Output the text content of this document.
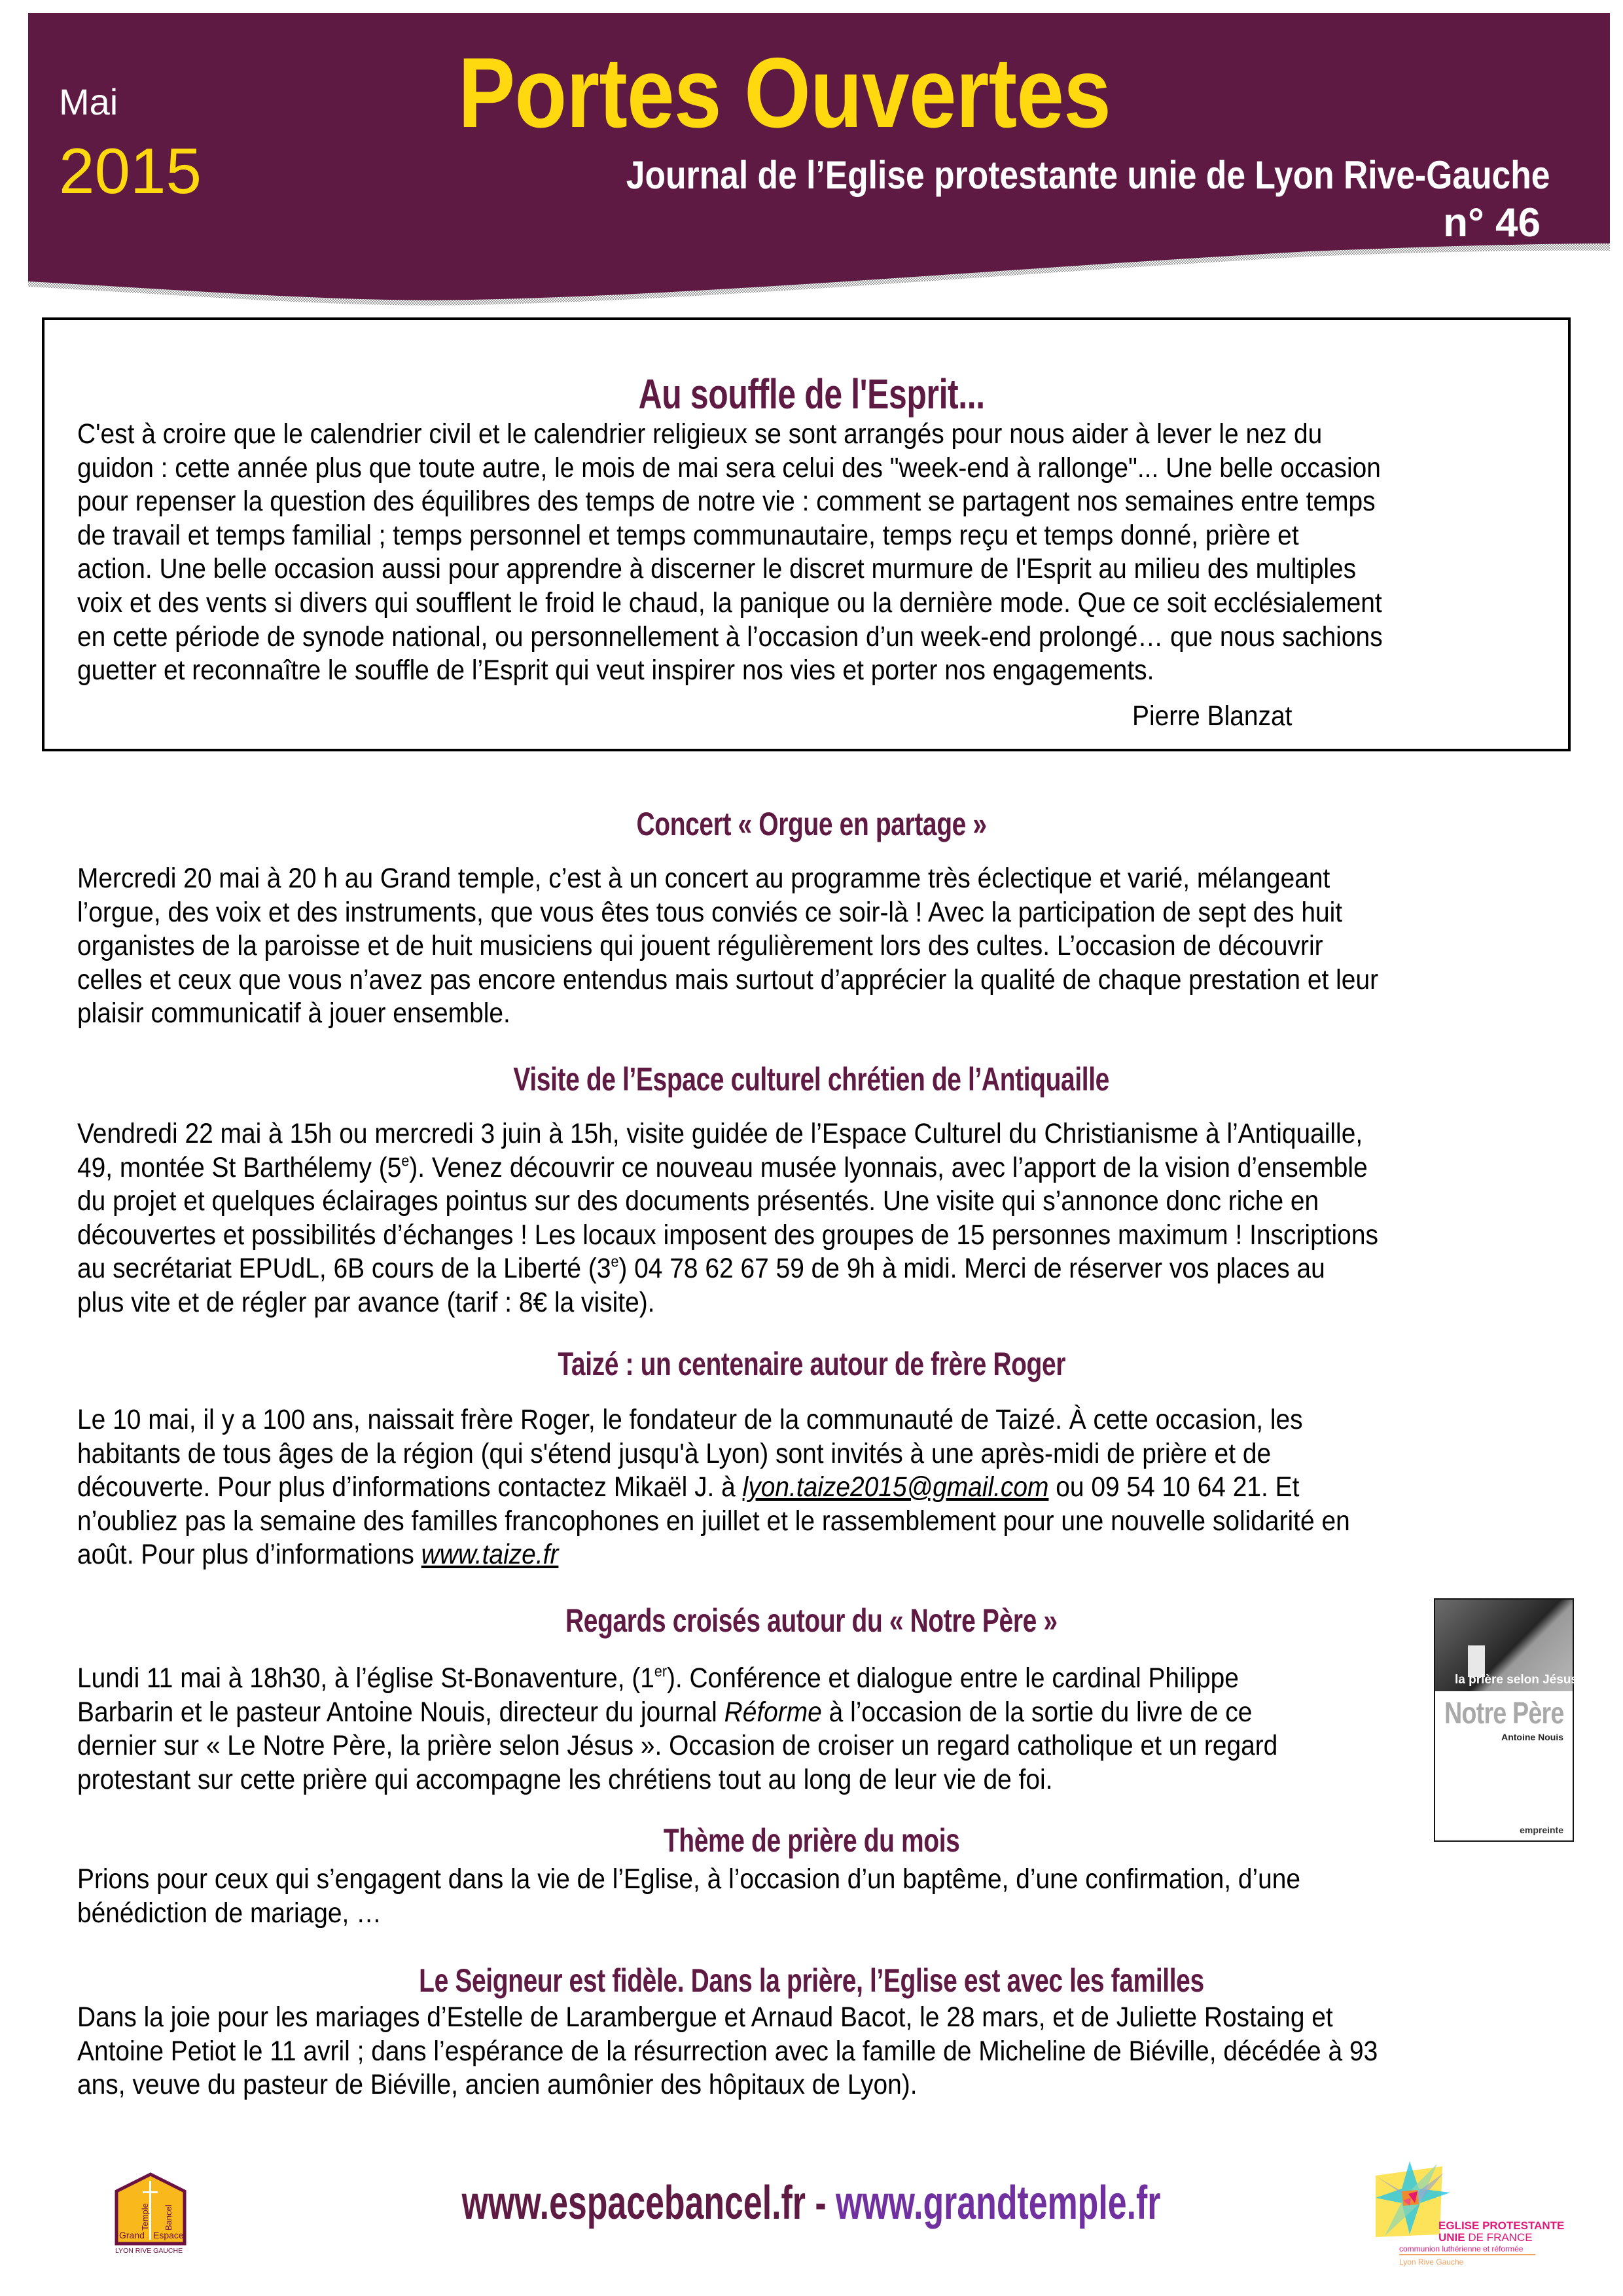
Mai
2015
Portes Ouvertes
Journal de l’Eglise protestante unie de Lyon Rive-Gauche
n° 46
Au souffle de l'Esprit...
C'est à croire que le calendrier civil et le calendrier religieux se sont arrangés pour nous aider à lever le nez du
guidon : cette année plus que toute autre, le mois de mai sera celui des "week-end à rallonge"... Une belle occasion
pour repenser la question des équilibres des temps de notre vie : comment se partagent nos semaines entre temps
de travail et temps familial ; temps personnel et temps communautaire, temps reçu et temps donné, prière et
action. Une belle occasion aussi pour apprendre à discerner le discret murmure de l'Esprit au milieu des multiples
voix et des vents si divers qui soufflent le froid le chaud, la panique ou la dernière mode. Que ce soit ecclésialement
en cette période de synode national, ou personnellement à l’occasion d’un week-end prolongé… que nous sachions
guetter et reconnaître le souffle de l’Esprit qui veut inspirer nos vies et porter nos engagements.
Pierre Blanzat
Concert « Orgue en partage »
Mercredi 20 mai à 20 h au Grand temple, c’est à un concert au programme très éclectique et varié, mélangeant
l’orgue, des voix et des instruments, que vous êtes tous conviés ce soir-là ! Avec la participation de sept des huit
organistes de la paroisse et de huit musiciens qui jouent régulièrement lors des cultes. L’occasion de découvrir
celles et ceux que vous n’avez pas encore entendus mais surtout d’apprécier la qualité de chaque prestation et leur
plaisir communicatif à jouer ensemble.
Visite de l’Espace culturel chrétien de l’Antiquaille
Vendredi 22 mai à 15h ou mercredi 3 juin à 15h, visite guidée de l’Espace Culturel du Christianisme à l’Antiquaille,
49, montée St Barthélemy (5e). Venez découvrir ce nouveau musée lyonnais, avec l’apport de la vision d’ensemble
du projet et quelques éclairages pointus sur des documents présentés. Une visite qui s’annonce donc riche en
découvertes et possibilités d’échanges ! Les locaux imposent des groupes de 15 personnes maximum ! Inscriptions
au secrétariat EPUdL, 6B cours de la Liberté (3e) 04 78 62 67 59 de 9h à midi. Merci de réserver vos places au
plus vite et de régler par avance (tarif : 8€ la visite).
Taizé : un centenaire autour de frère Roger
Le 10 mai, il y a 100 ans, naissait frère Roger, le fondateur de la communauté de Taizé. À cette occasion, les
habitants de tous âges de la région (qui s'étend jusqu'à Lyon) sont invités à une après-midi de prière et de
découverte. Pour plus d’informations contactez Mikaël J. à lyon.taize2015@gmail.com ou 09 54 10 64 21. Et
n’oubliez pas la semaine des familles francophones en juillet et le rassemblement pour une nouvelle solidarité en
août. Pour plus d’informations www.taize.fr
Regards croisés autour du « Notre Père »
Lundi 11 mai à 18h30, à l’église St-Bonaventure, (1er). Conférence et dialogue entre le cardinal Philippe
Barbarin et le pasteur Antoine Nouis, directeur du journal Réforme à l’occasion de la sortie du livre de ce
dernier sur « Le Notre Père, la prière selon Jésus ». Occasion de croiser un regard catholique et un regard
protestant sur cette prière qui accompagne les chrétiens tout au long de leur vie de foi.
Thème de prière du mois
Prions pour ceux qui s’engagent dans la vie de l’Eglise, à l’occasion d’un baptême, d’une confirmation, d’une
bénédiction de mariage, …
Le Seigneur est fidèle. Dans la prière, l’Eglise est avec les familles
Dans la joie pour les mariages d’Estelle de Larambergue et Arnaud Bacot, le 28 mars, et de Juliette Rostaing et
Antoine Petiot le 11 avril ; dans l’espérance de la résurrection avec la famille de Micheline de Biéville, décédée à 93
ans, veuve du pasteur de Biéville, ancien aumônier des hôpitaux de Lyon).
la prière selon Jésus
Notre Père
Antoine Nouis
empreinte
www.espacebancel.fr - www.grandtemple.fr
Grand Espace
Temple Bancel
LYON RIVE GAUCHE
EGLISE PROTESTANTE
UNIE DE FRANCE
communion luthérienne et réformée
Lyon Rive Gauche
